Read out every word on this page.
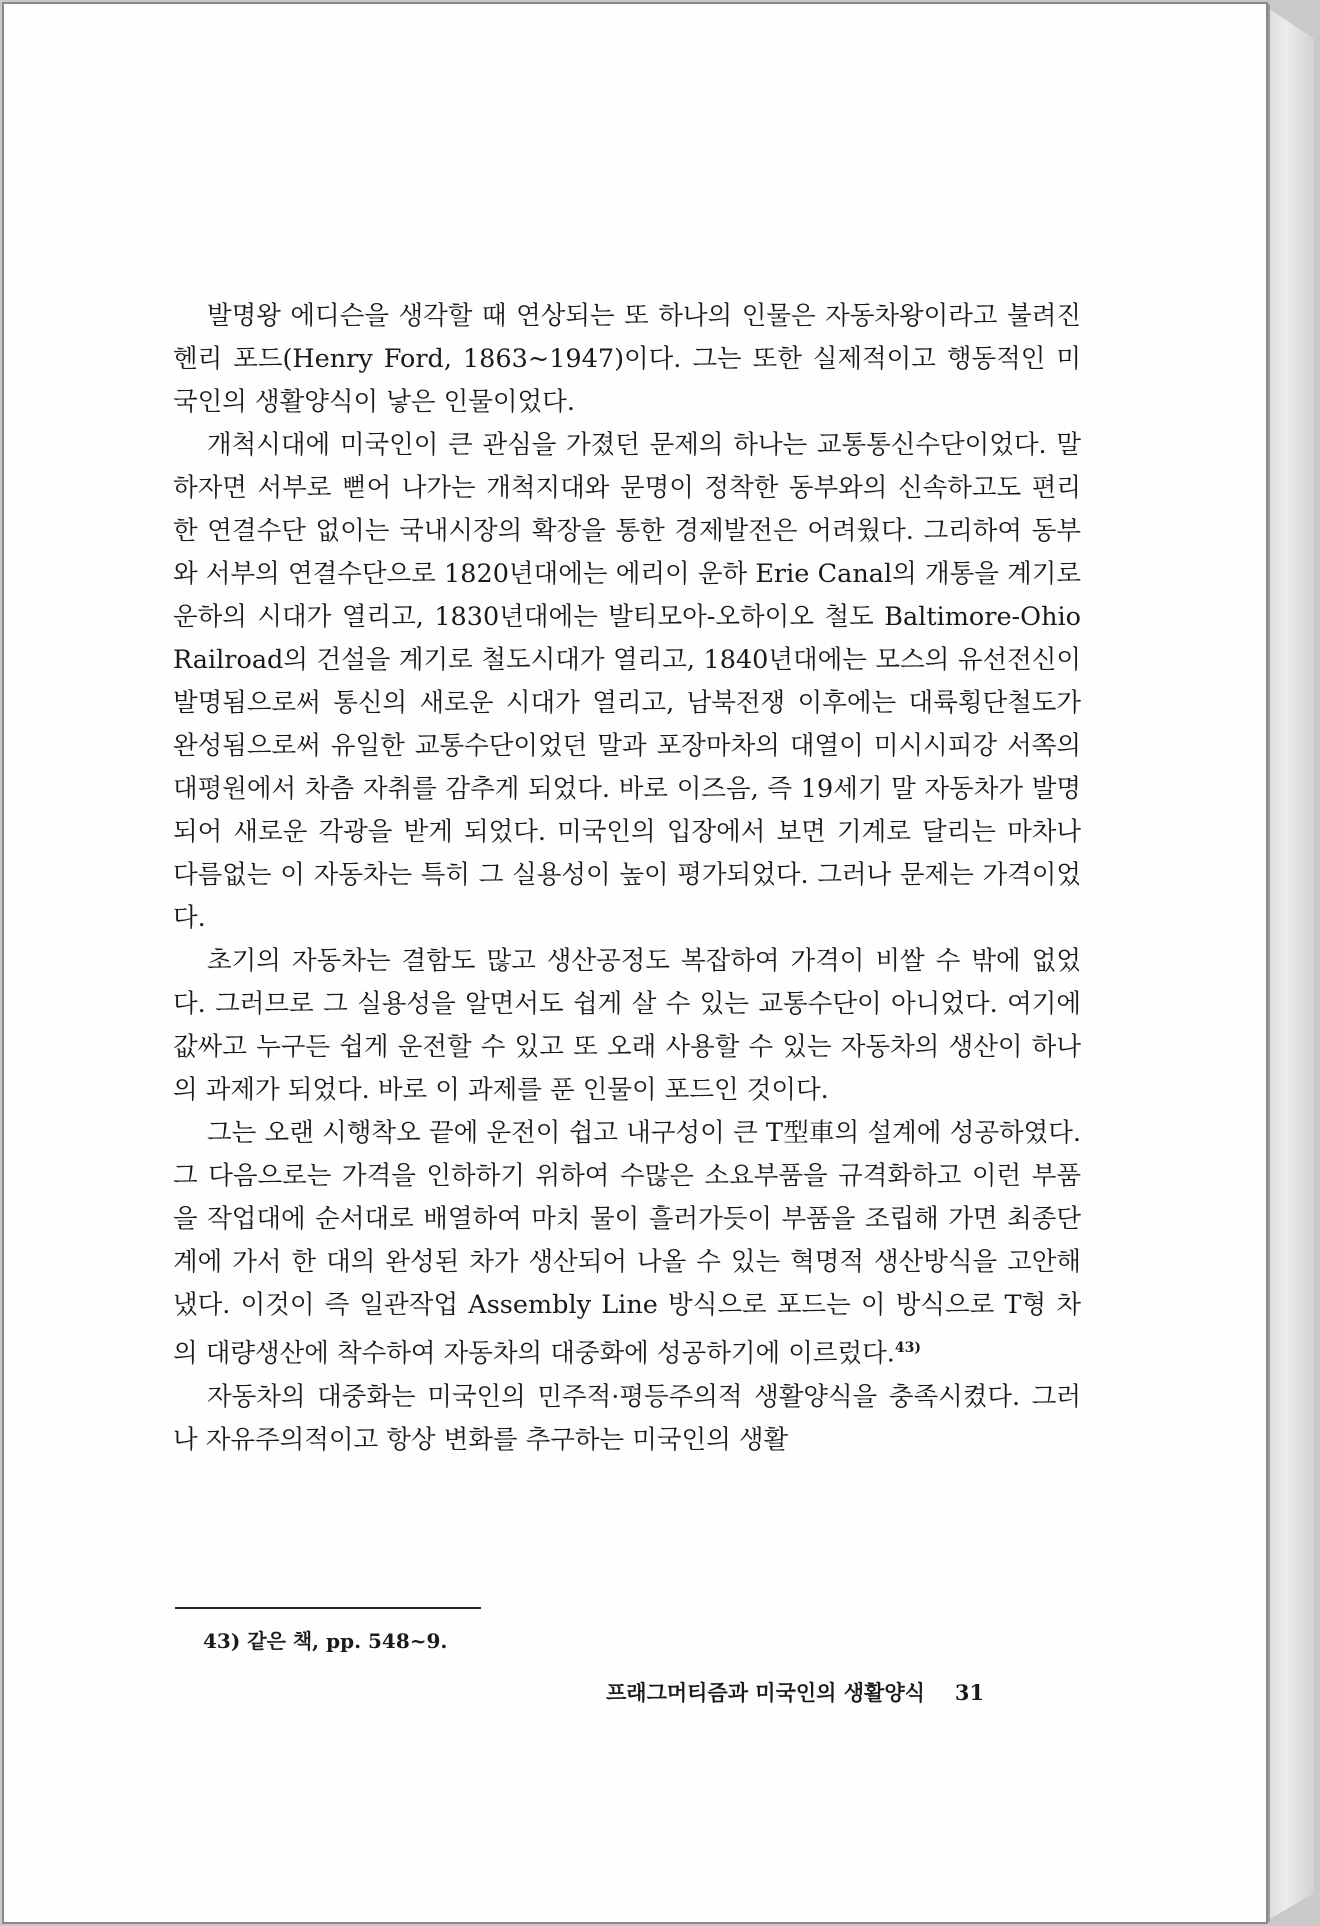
발명왕 에디슨을 생각할 때 연상되는 또 하나의 인물은 자동차왕이라고 불려진 헨리 포드(Henry Ford, 1863~1947)이다. 그는 또한 실제적이고 행동적인 미국인의 생활양식이 낳은 인물이었다.

개척시대에 미국인이 큰 관심을 가졌던 문제의 하나는 교통통신수단이었다. 말하자면 서부로 뻗어 나가는 개척지대와 문명이 정착한 동부와의 신속하고도 편리한 연결수단 없이는 국내시장의 확장을 통한 경제발전은 어려웠다. 그리하여 동부와 서부의 연결수단으로 1820년대에는 에리이 운하 Erie Canal의 개통을 계기로 운하의 시대가 열리고, 1830년대에는 발티모아-오하이오 철도 Baltimore-Ohio Railroad의 건설을 계기로 철도시대가 열리고, 1840년대에는 모스의 유선전신이 발명됨으로써 통신의 새로운 시대가 열리고, 남북전쟁 이후에는 대륙횡단철도가 완성됨으로써 유일한 교통수단이었던 말과 포장마차의 대열이 미시시피강 서쪽의 대평원에서 차츰 자취를 감추게 되었다. 바로 이즈음, 즉 19세기 말 자동차가 발명되어 새로운 각광을 받게 되었다. 미국인의 입장에서 보면 기계로 달리는 마차나 다름없는 이 자동차는 특히 그 실용성이 높이 평가되었다. 그러나 문제는 가격이었다.

초기의 자동차는 결함도 많고 생산공정도 복잡하여 가격이 비쌀 수 밖에 없었다. 그러므로 그 실용성을 알면서도 쉽게 살 수 있는 교통수단이 아니었다. 여기에 값싸고 누구든 쉽게 운전할 수 있고 또 오래 사용할 수 있는 자동차의 생산이 하나의 과제가 되었다. 바로 이 과제를 푼 인물이 포드인 것이다.

그는 오랜 시행착오 끝에 운전이 쉽고 내구성이 큰 T型車의 설계에 성공하였다. 그 다음으로는 가격을 인하하기 위하여 수많은 소요부품을 규격화하고 이런 부품을 작업대에 순서대로 배열하여 마치 물이 흘러가듯이 부품을 조립해 가면 최종단계에 가서 한 대의 완성된 차가 생산되어 나올 수 있는 혁명적 생산방식을 고안해냈다. 이것이 즉 일관작업 Assembly Line 방식으로 포드는 이 방식으로 T형 차의 대량생산에 착수하여 자동차의 대중화에 성공하기에 이르렀다.$^{43)}$

자동차의 대중화는 미국인의 민주적·평등주의적 생활양식을 충족시켰다. 그러나 자유주의적이고 항상 변화를 추구하는 미국인의 생활

43) 같은 책, pp. 548~9.
프래그머티즘과 미국인의 생활양식 31
